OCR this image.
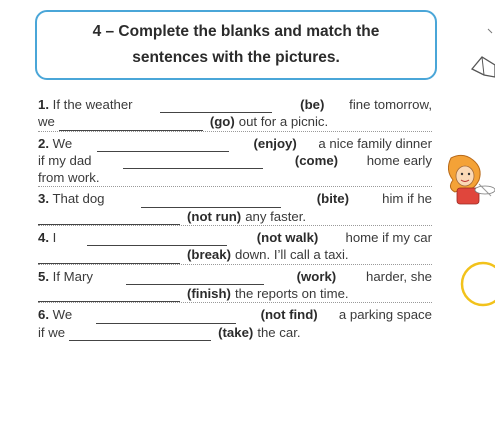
4 – Complete the blanks and match the
sentences with the pictures.
1. If the weather	(be) fine tomorrow,
we	(go) out for a picnic.
2. We	(enjoy) a nice family dinner
if my dad	(come) home early
from work.
3. That dog	(bite)	him if he
(not run) any faster.
4. I	(not walk) home if my car
(break) down. I’ll call a taxi.
5. If Mary	(work) harder, she
(finish) the reports on time.
6. We	(not find) a parking space
if we	(take) the car.
